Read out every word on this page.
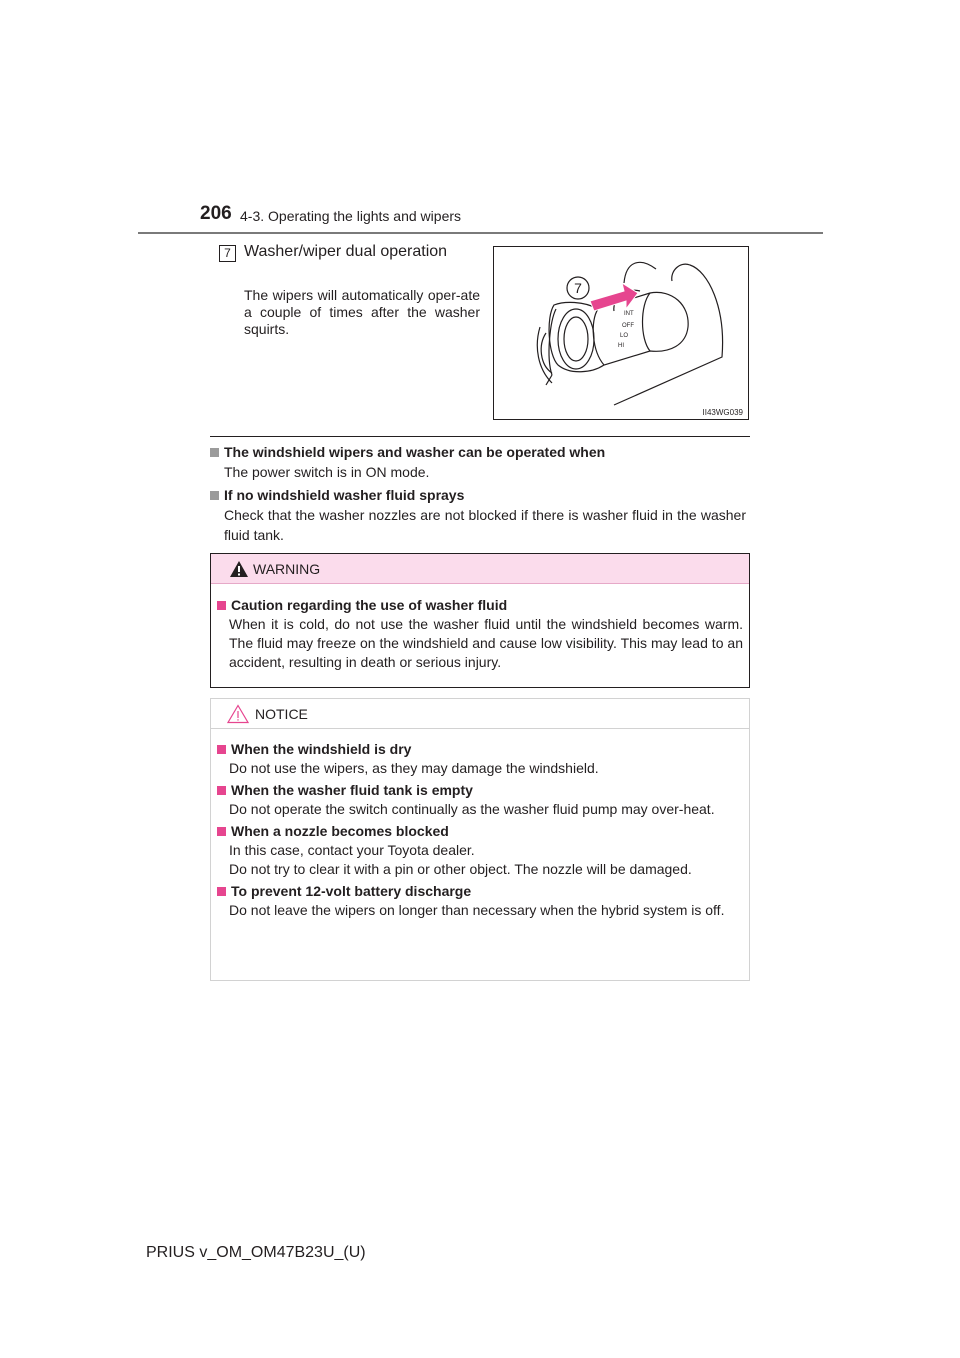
206 4-3. Operating the lights and wipers
7 Washer/wiper dual operation
The wipers will automatically oper-ate a couple of times after the washer squirts.
INT
OFF
LO
HI
7
II43WG039
The windshield wipers and washer can be operated when
The power switch is in ON mode.
If no windshield washer fluid sprays
Check that the washer nozzles are not blocked if there is washer fluid in the washer fluid tank.
WARNING
Caution regarding the use of washer fluid
When it is cold, do not use the washer fluid until the windshield becomes warm. The fluid may freeze on the windshield and cause low visibility. This may lead to an accident, resulting in death or serious injury.
NOTICE
When the windshield is dry
Do not use the wipers, as they may damage the windshield.
When the washer fluid tank is empty
Do not operate the switch continually as the washer fluid pump may over-heat.
When a nozzle becomes blocked
In this case, contact your Toyota dealer.
Do not try to clear it with a pin or other object. The nozzle will be damaged.
To prevent 12-volt battery discharge
Do not leave the wipers on longer than necessary when the hybrid system is off.
PRIUS v_OM_OM47B23U_(U)
